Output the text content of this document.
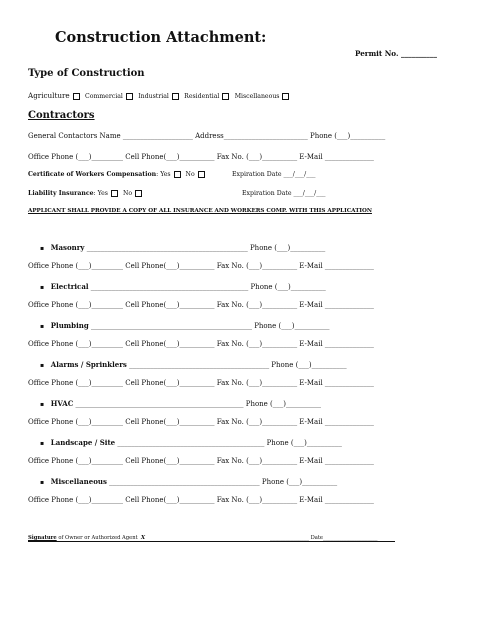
Construction Attachment:
Permit No. __________
Type of Construction
Agriculture Commercial Industrial Residential Miscellaneous
Contractors
General Contactors Name ____________________ Address________________________ Phone (___)__________
Office Phone (___)_________ Cell Phone(___)__________ Fax No. (___)__________ E-Mail ______________
Certificate of Workers Compensation: Yes No	Expiration Date ___/___/___
Liability Insurance: Yes No	Expiration Date ___/___/___
APPLICANT SHALL PROVIDE A COPY OF ALL INSURANCE AND WORKERS COMP. WITH THIS APPLICATION
▪ Masonry ______________________________________________ Phone (___)__________
Office Phone (___)_________ Cell Phone(___)__________ Fax No. (___)__________ E-Mail ______________
▪ Electrical _____________________________________________ Phone (___)__________
Office Phone (___)_________ Cell Phone(___)__________ Fax No. (___)__________ E-Mail ______________
▪ Plumbing ______________________________________________ Phone (___)__________
Office Phone (___)_________ Cell Phone(___)__________ Fax No. (___)__________ E-Mail ______________
▪ Alarms / Sprinklers ________________________________________ Phone (___)__________
Office Phone (___)_________ Cell Phone(___)__________ Fax No. (___)__________ E-Mail ______________
▪ HVAC ________________________________________________ Phone (___)__________
Office Phone (___)_________ Cell Phone(___)__________ Fax No. (___)__________ E-Mail ______________
▪ Landscape / Site __________________________________________ Phone (___)__________
Office Phone (___)_________ Cell Phone(___)__________ Fax No. (___)__________ E-Mail ______________
▪ Miscellaneous ___________________________________________ Phone (___)__________
Office Phone (___)_________ Cell Phone(___)__________ Fax No. (___)__________ E-Mail ______________
Signature of Owner or Authorized Agent X	_______________ Date_____________________
